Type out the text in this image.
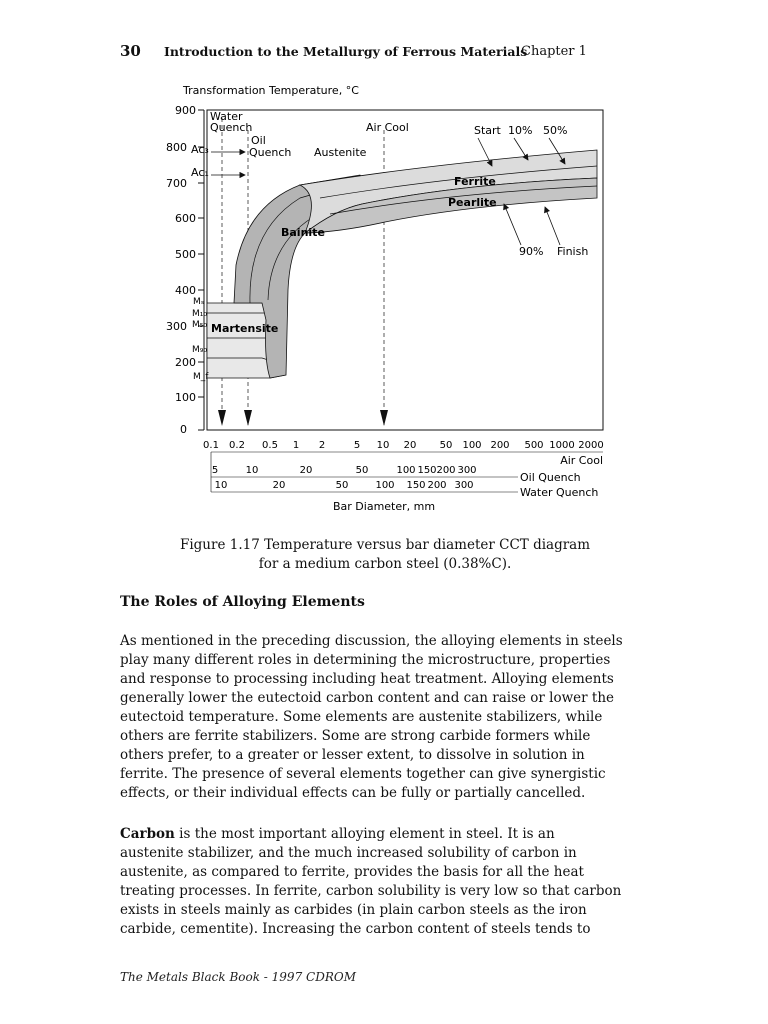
30 Introduction to the Metallurgy of Ferrous Materials
Chapter 1
Transformation Temperature, °C
900
800
700
600
500
400
300
200
100
0
Ac₃
Ac₁
Water
Quench
Oil
Quench
Air Cool
Austenite
Start 10% 50%
90% Finish
Ferrite
Pearlite
Bainite
Martensite
Mₛ
M₁₀
M₅₀
M₉₀
M_f
0.1 0.2 0.5 1 2	5 10 20 50 100 200 500 1000 2000
Air Cool
5	10	20	50	100 150 200 300
Oil Quench
10	20	50	100 150 200 300
Water Quench
Bar Diameter, mm
Figure 1.17 Temperature versus bar diameter CCT diagram
for a medium carbon steel (0.38%C).
The Roles of Alloying Elements
As mentioned in the preceding discussion, the alloying elements in steels
play many different roles in determining the microstructure, properties
and response to processing including heat treatment. Alloying elements
generally lower the eutectoid carbon content and can raise or lower the
eutectoid temperature. Some elements are austenite stabilizers, while
others are ferrite stabilizers. Some are strong carbide formers while
others prefer, to a greater or lesser extent, to dissolve in solution in
ferrite. The presence of several elements together can give synergistic
effects, or their individual effects can be fully or partially cancelled.
Carbon is the most important alloying element in steel. It is an
austenite stabilizer, and the much increased solubility of carbon in
austenite, as compared to ferrite, provides the basis for all the heat
treating processes. In ferrite, carbon solubility is very low so that carbon
exists in steels mainly as carbides (in plain carbon steels as the iron
carbide, cementite). Increasing the carbon content of steels tends to
The Metals Black Book - 1997 CDROM
